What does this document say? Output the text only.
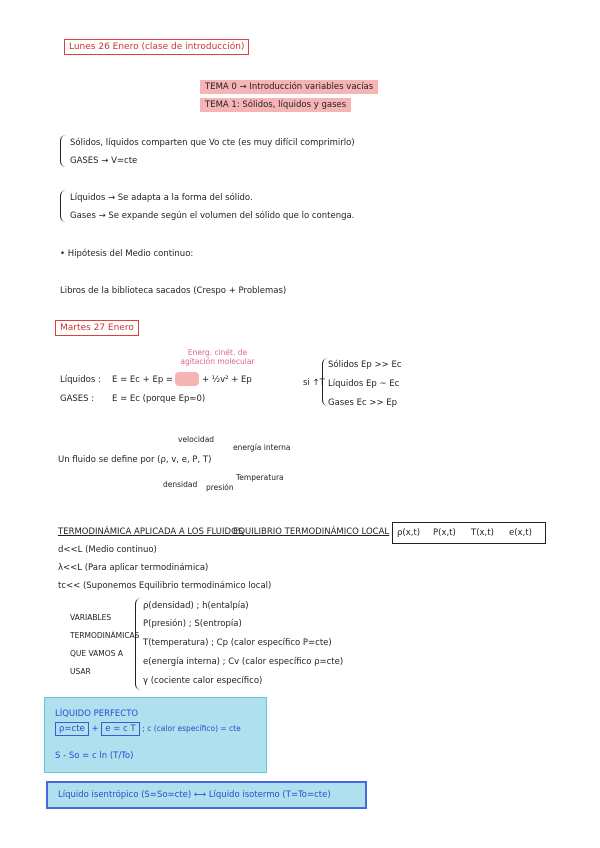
Lunes 26 Enero (clase de introducción)
TEMA 0 → Introducción variables vacías
TEMA 1: Sólidos, líquidos y gases
Sólidos, líquidos comparten que Vo cte (es muy difícil comprimirlo)
GASES → V=cte
Líquidos → Se adapta a la forma del sólido.
Gases → Se expande según el volumen del sólido que lo contenga.
• Hipótesis del Medio continuo:
Libros de la biblioteca sacados (Crespo + Problemas)
Martes 27 Enero
Energ. cinét. de agitación molecular
Líquidos : E = Ec + Ep =	+ ½v² + Ep
GASES : E = Ec (porque Ep≈0)
si ↑T
Sólidos Ep >> Ec
Líquidos Ep ~ Ec
Gases Ec >> Ep
velocidad
energía interna
Un fluido se define por (ρ, v, e, P, T)
densidad presión
Temperatura
TERMODINÁMICA APLICADA A LOS FLUIDOS
EQUILIBRIO TERMODINÁMICO LOCAL ρ(x,t) P(x,t) T(x,t) e(x,t)
d<<L (Medio continuo)
λ<<L (Para aplicar termodinámica)
tc<< (Suponemos Equilibrio termodinámico local)
VARIABLES
TERMODINÁMICAS
QUE VAMOS A
USAR
ρ(densidad) ; h(entalpía)
P(presión) ; S(entropía)
T(temperatura) ; Cp (calor específico P=cte)
e(energía interna) ; Cv (calor específico ρ=cte)
γ (cociente calor específico)
LÍQUIDO PERFECTO
ρ=cte + e = c T ; c (calor específico) = cte
S - So = c ln (T/To)
Líquido isentrópico (S=So=cte) ⟷ Líquido isotermo (T=To=cte)
